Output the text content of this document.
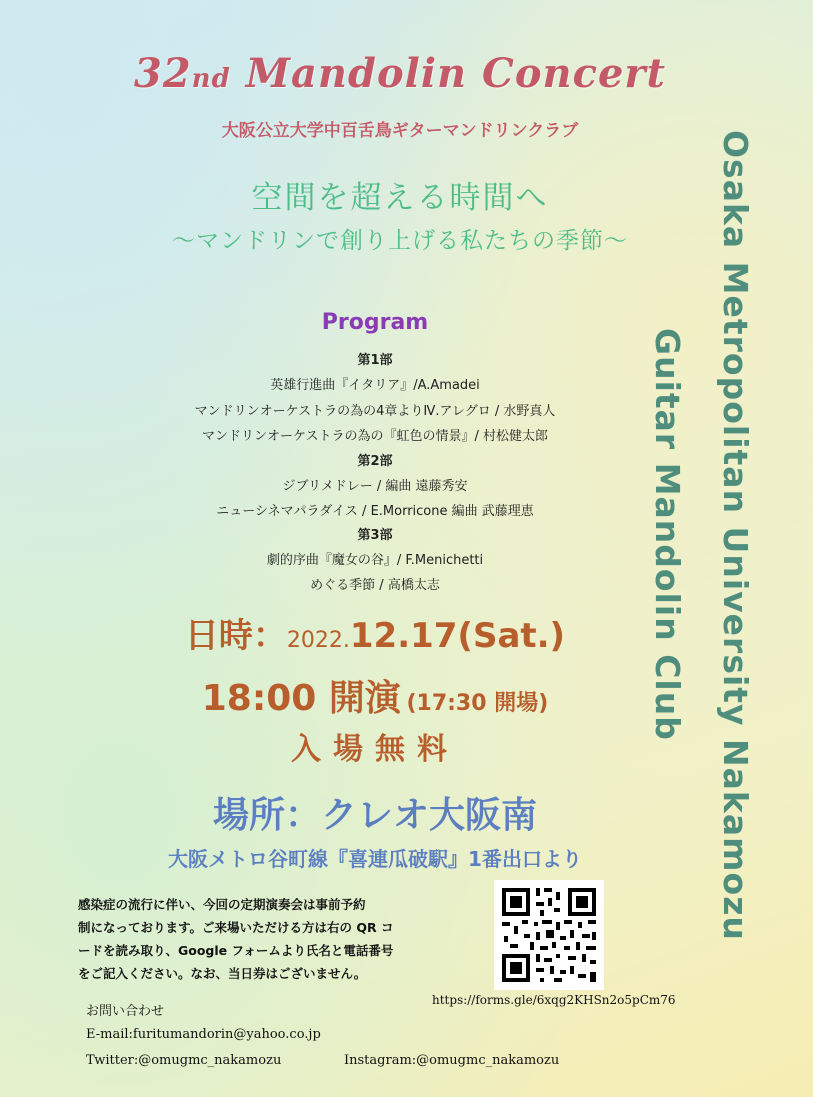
32nd Mandolin Concert
大阪公立大学中百舌鳥ギターマンドリンクラブ
空間を超える時間へ
〜マンドリンで創り上げる私たちの季節〜
Program
第1部
英雄行進曲『イタリア』/A.Amadei
マンドリンオーケストラの為の4章よりⅣ.アレグロ / 水野真人
マンドリンオーケストラの為の『虹色の情景』/ 村松健太郎
第2部
ジブリメドレー / 編曲 遠藤秀安
ニューシネマパラダイス / E.Morricone 編曲 武藤理恵
第3部
劇的序曲『魔女の谷』/ F.Menichetti
めぐる季節 / 高橋太志
日時：2022.12.17(Sat.)
18:00 開演 (17:30 開場)
入場無料
場所：クレオ大阪南
大阪メトロ谷町線『喜連瓜破駅』1番出口より
感染症の流行に伴い、今回の定期演奏会は事前予約
制になっております。ご来場いただける方は右の QR コ
ードを読み取り、Google フォームより氏名と電話番号
をご記入ください。なお、当日券はございません。
https://forms.gle/6xqg2KHSn2o5pCm76
お問い合わせ
E-mail:furitumandorin@yahoo.co.jp
Twitter:@omugmc_nakamozu	Instagram:@omugmc_nakamozu
Osaka Metropolitan University Nakamozu
Guitar Mandolin Club
